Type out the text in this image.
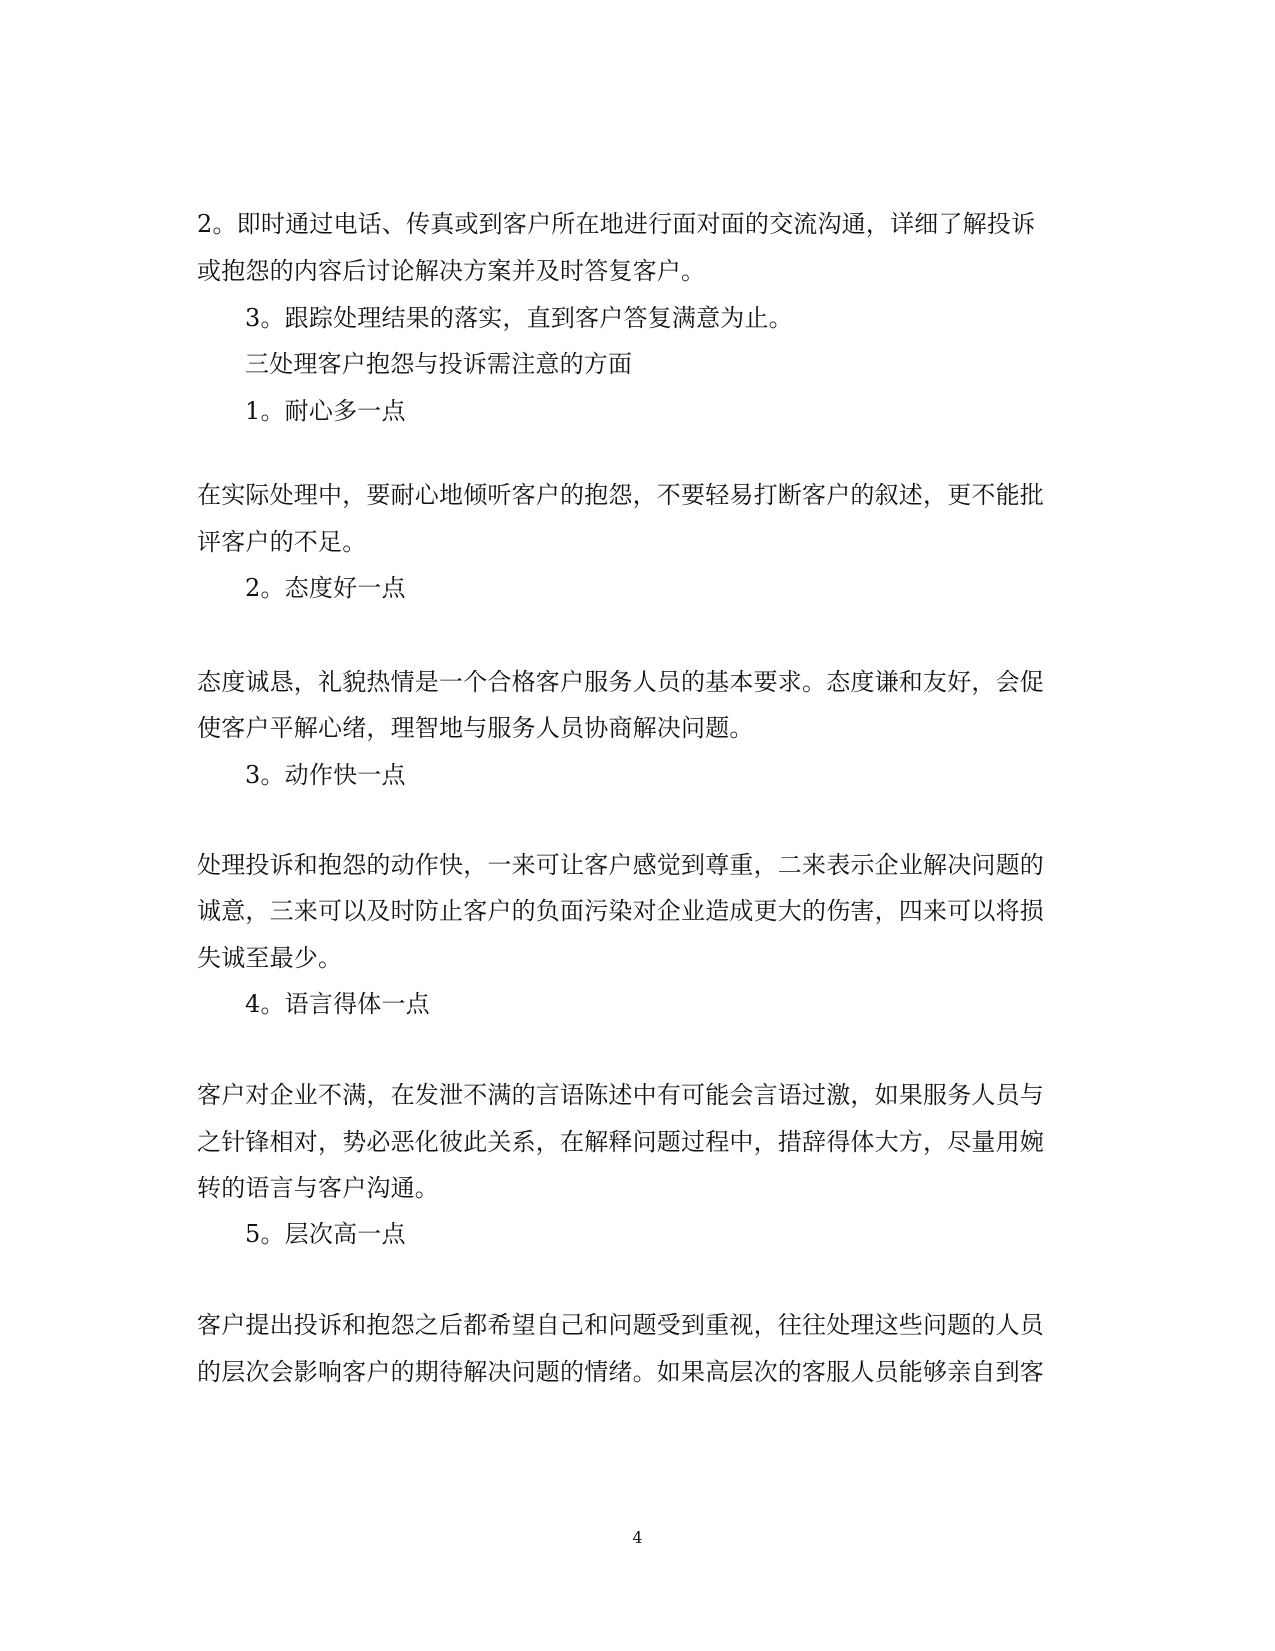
2。即时通过电话、传真或到客户所在地进行面对面的交流沟通，详细了解投诉
或抱怨的内容后讨论解决方案并及时答复客户。
3。跟踪处理结果的落实，直到客户答复满意为止。
三处理客户抱怨与投诉需注意的方面
1。耐心多一点
在实际处理中，要耐心地倾听客户的抱怨，不要轻易打断客户的叙述，更不能批
评客户的不足。
2。态度好一点
态度诚恳，礼貌热情是一个合格客户服务人员的基本要求。态度谦和友好，会促
使客户平解心绪，理智地与服务人员协商解决问题。
3。动作快一点
处理投诉和抱怨的动作快，一来可让客户感觉到尊重，二来表示企业解决问题的
诚意，三来可以及时防止客户的负面污染对企业造成更大的伤害，四来可以将损
失诚至最少。
4。语言得体一点
客户对企业不满，在发泄不满的言语陈述中有可能会言语过激，如果服务人员与
之针锋相对，势必恶化彼此关系，在解释问题过程中，措辞得体大方，尽量用婉
转的语言与客户沟通。
5。层次高一点
客户提出投诉和抱怨之后都希望自己和问题受到重视，往往处理这些问题的人员
的层次会影响客户的期待解决问题的情绪。如果高层次的客服人员能够亲自到客
4
